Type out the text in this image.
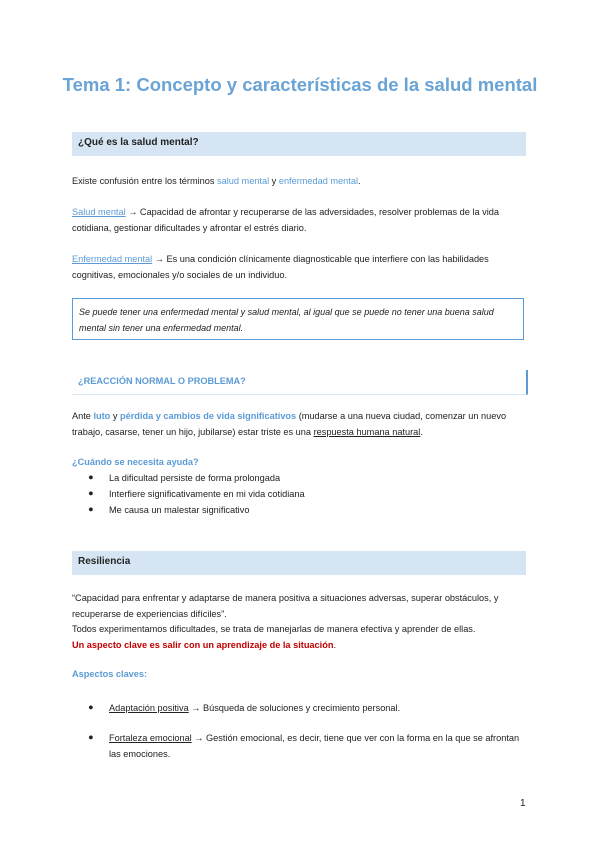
Tema 1: Concepto y características de la salud mental
¿Qué es la salud mental?
Existe confusión entre los términos salud mental y enfermedad mental.
Salud mental → Capacidad de afrontar y recuperarse de las adversidades, resolver problemas de la vida cotidiana, gestionar dificultades y afrontar el estrés diario.
Enfermedad mental → Es una condición clínicamente diagnosticable que interfiere con las habilidades cognitivas, emocionales y/o sociales de un individuo.

Se puede tener una enfermedad mental y salud mental, al igual que se puede no tener una buena salud mental sin tener una enfermedad mental.

¿REACCIÓN NORMAL O PROBLEMA?
Ante luto y pérdida y cambios de vida significativos (mudarse a una nueva ciudad, comenzar un nuevo trabajo, casarse, tener un hijo, jubilarse) estar triste es una respuesta humana natural.
¿Cuándo se necesita ayuda?
● La dificultad persiste de forma prolongada
● Interfiere significativamente en mi vida cotidiana
● Me causa un malestar significativo
Resiliencia
“Capacidad para enfrentar y adaptarse de manera positiva a situaciones adversas, superar obstáculos, y recuperarse de experiencias difíciles”.
Todos experimentamos dificultades, se trata de manejarlas de manera efectiva y aprender de ellas.
Un aspecto clave es salir con un aprendizaje de la situación.
Aspectos claves:
● Adaptación positiva → Búsqueda de soluciones y crecimiento personal.
● Fortaleza emocional → Gestión emocional, es decir, tiene que ver con la forma en la que se afrontan las emociones.
1
